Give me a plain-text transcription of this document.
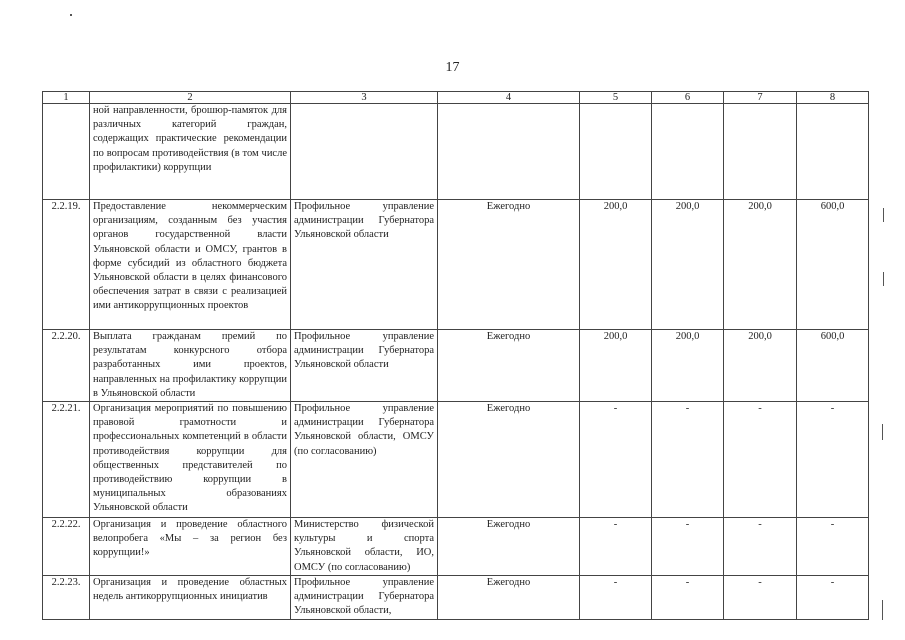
17
1	2	3	4	5	6	7	8
	ной направленности, брошюр-памяток для различных категорий граждан, содержащих практические рекомендации по вопросам противодействия (в том числе профилактики) коррупции						
2.2.19.	Предоставление некоммерческим организациям, созданным без участия органов государственной власти Ульяновской области и ОМСУ, грантов в форме субсидий из областного бюджета Ульяновской области в целях финансового обеспечения затрат в связи с реализацией ими антикоррупционных проектов	Профильное управление администрации Губернатора Ульяновской области	Ежегодно	200,0	200,0	200,0	600,0
2.2.20.	Выплата гражданам премий по результатам конкурсного отбора разработанных ими проектов, направленных на профилактику коррупции в Ульяновской области	Профильное управление администрации Губернатора Ульяновской области	Ежегодно	200,0	200,0	200,0	600,0
2.2.21.	Организация мероприятий по повышению правовой грамотности и профессиональных компетенций в области противодействия коррупции для общественных представителей по противодействию коррупции в муниципальных образованиях Ульяновской области	Профильное управление администрации Губернатора Ульяновской области, ОМСУ (по согласованию)	Ежегодно	-	-	-	-
2.2.22.	Организация и проведение областного велопробега «Мы – за регион без коррупции!»	Министерство физической культуры и спорта Ульяновской области, ИО, ОМСУ (по согласованию)	Ежегодно	-	-	-	-
2.2.23.	Организация и проведение областных недель антикоррупционных инициатив	Профильное управление администрации Губернатора Ульяновской области,	Ежегодно	-	-	-	-
